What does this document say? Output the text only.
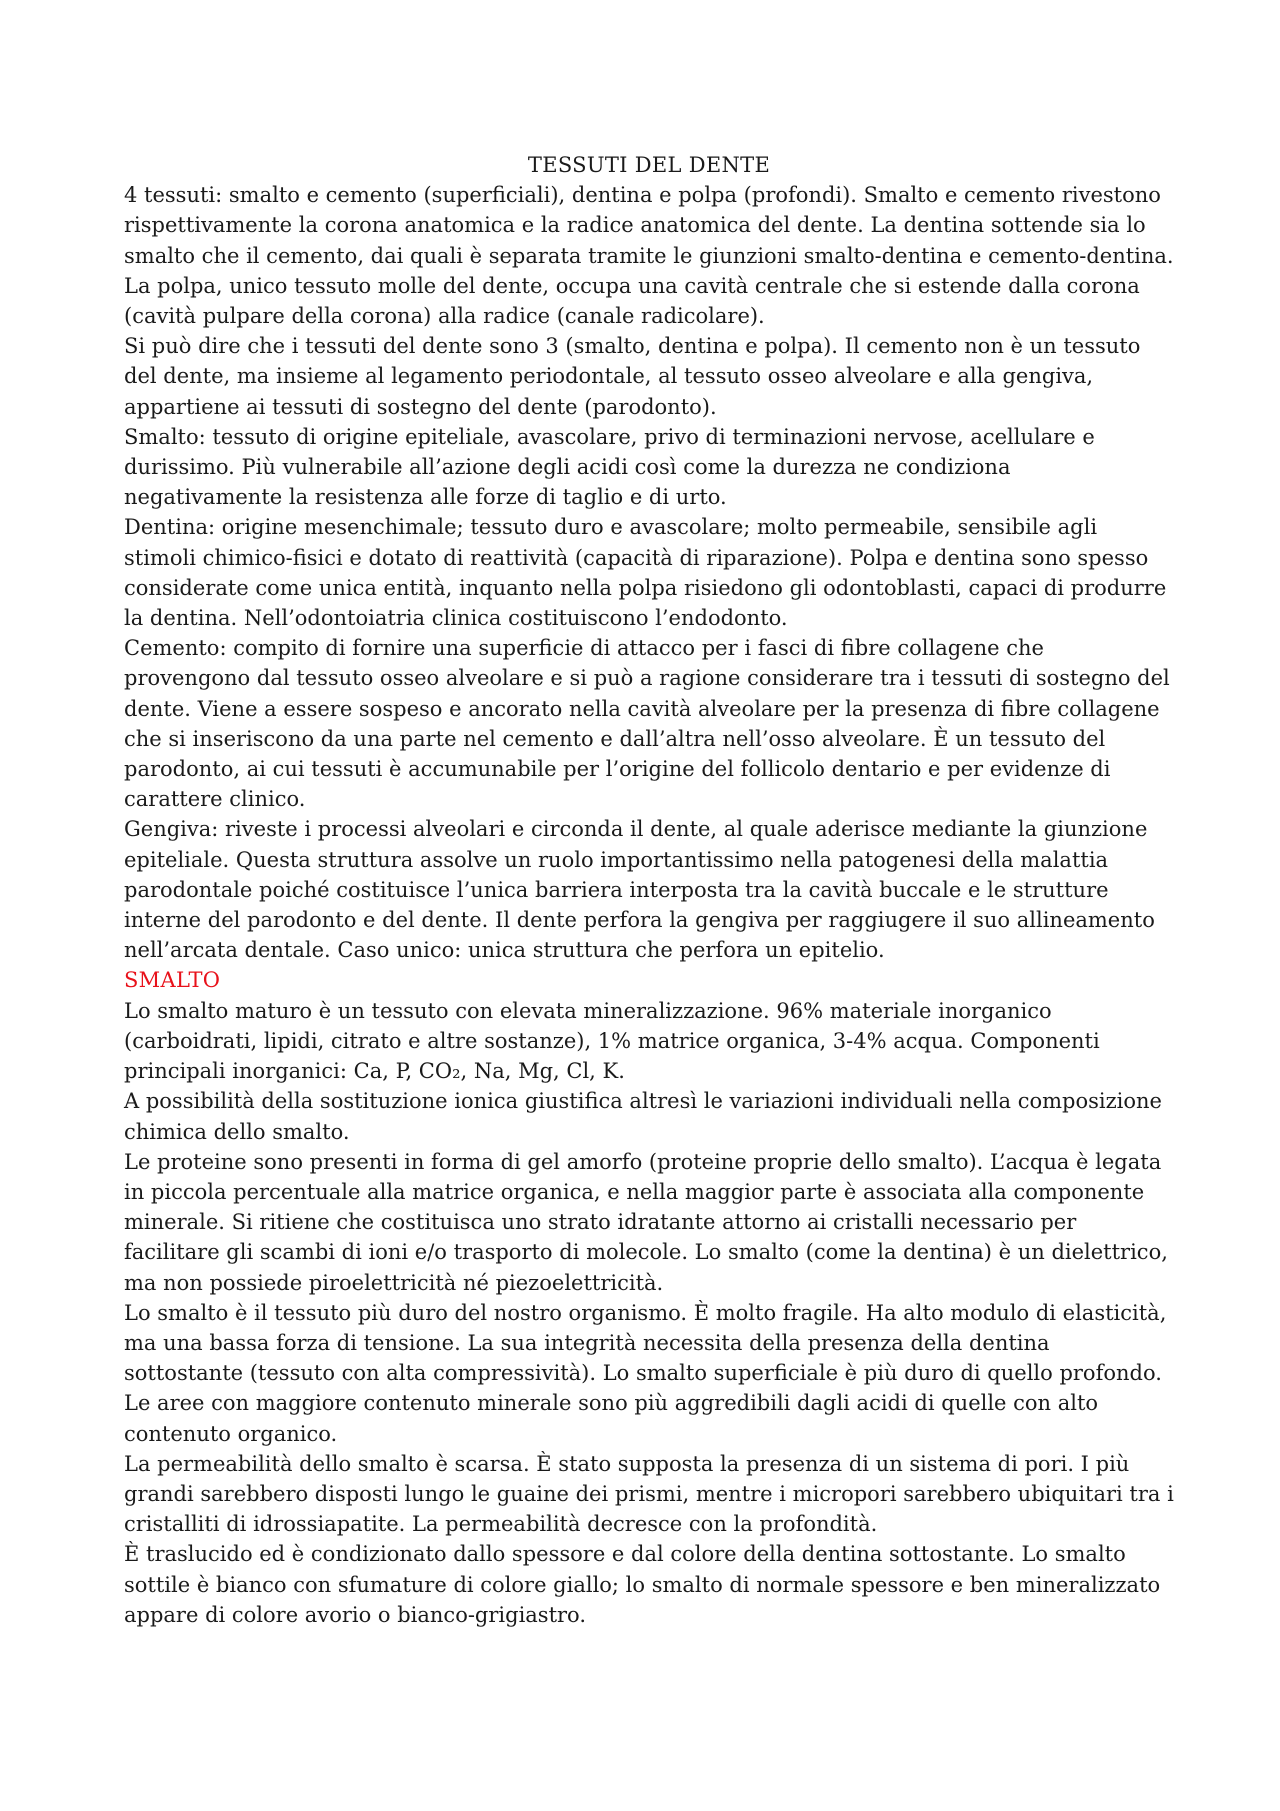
TESSUTI DEL DENTE

4 tessuti: smalto e cemento (superficiali), dentina e polpa (profondi). Smalto e cemento rivestono rispettivamente la corona anatomica e la radice anatomica del dente. La dentina sottende sia lo smalto che il cemento, dai quali è separata tramite le giunzioni smalto-dentina e cemento-dentina. La polpa, unico tessuto molle del dente, occupa una cavità centrale che si estende dalla corona (cavità pulpare della corona) alla radice (canale radicolare).

Si può dire che i tessuti del dente sono 3 (smalto, dentina e polpa). Il cemento non è un tessuto del dente, ma insieme al legamento periodontale, al tessuto osseo alveolare e alla gengiva, appartiene ai tessuti di sostegno del dente (parodonto).

Smalto: tessuto di origine epiteliale, avascolare, privo di terminazioni nervose, acellulare e durissimo. Più vulnerabile all’azione degli acidi così come la durezza ne condiziona negativamente la resistenza alle forze di taglio e di urto.

Dentina: origine mesenchimale; tessuto duro e avascolare; molto permeabile, sensibile agli stimoli chimico-fisici e dotato di reattività (capacità di riparazione). Polpa e dentina sono spesso considerate come unica entità, inquanto nella polpa risiedono gli odontoblasti, capaci di produrre la dentina. Nell’odontoiatria clinica costituiscono l’endodonto.

Cemento: compito di fornire una superficie di attacco per i fasci di fibre collagene che provengono dal tessuto osseo alveolare e si può a ragione considerare tra i tessuti di sostegno del dente. Viene a essere sospeso e ancorato nella cavità alveolare per la presenza di fibre collagene che si inseriscono da una parte nel cemento e dall’altra nell’osso alveolare. È un tessuto del parodonto, ai cui tessuti è accumunabile per l’origine del follicolo dentario e per evidenze di carattere clinico.

Gengiva: riveste i processi alveolari e circonda il dente, al quale aderisce mediante la giunzione epiteliale. Questa struttura assolve un ruolo importantissimo nella patogenesi della malattia parodontale poiché costituisce l’unica barriera interposta tra la cavità buccale e le strutture interne del parodonto e del dente. Il dente perfora la gengiva per raggiugere il suo allineamento nell’arcata dentale. Caso unico: unica struttura che perfora un epitelio.

SMALTO

Lo smalto maturo è un tessuto con elevata mineralizzazione. 96% materiale inorganico (carboidrati, lipidi, citrato e altre sostanze), 1% matrice organica, 3-4% acqua. Componenti principali inorganici: Ca, P, CO₂, Na, Mg, Cl, K.

A possibilità della sostituzione ionica giustifica altresì le variazioni individuali nella composizione chimica dello smalto.

Le proteine sono presenti in forma di gel amorfo (proteine proprie dello smalto). L’acqua è legata in piccola percentuale alla matrice organica, e nella maggior parte è associata alla componente minerale. Si ritiene che costituisca uno strato idratante attorno ai cristalli necessario per facilitare gli scambi di ioni e/o trasporto di molecole. Lo smalto (come la dentina) è un dielettrico, ma non possiede piroelettricità né piezoelettricità.

Lo smalto è il tessuto più duro del nostro organismo. È molto fragile. Ha alto modulo di elasticità, ma una bassa forza di tensione. La sua integrità necessita della presenza della dentina sottostante (tessuto con alta compressività). Lo smalto superficiale è più duro di quello profondo.

Le aree con maggiore contenuto minerale sono più aggredibili dagli acidi di quelle con alto contenuto organico.

La permeabilità dello smalto è scarsa. È stato supposta la presenza di un sistema di pori. I più grandi sarebbero disposti lungo le guaine dei prismi, mentre i micropori sarebbero ubiquitari tra i cristalliti di idrossiapatite. La permeabilità decresce con la profondità.

È traslucido ed è condizionato dallo spessore e dal colore della dentina sottostante. Lo smalto sottile è bianco con sfumature di colore giallo; lo smalto di normale spessore e ben mineralizzato appare di colore avorio o bianco-grigiastro.
